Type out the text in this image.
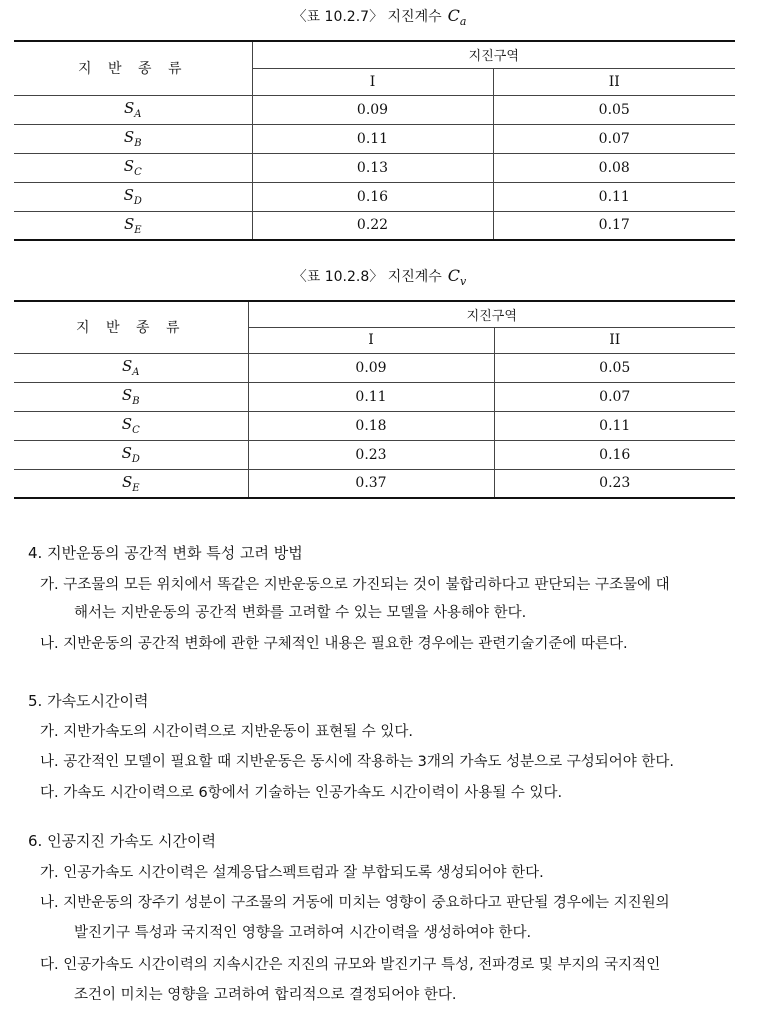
〈표 10.2.7〉 지진계수 $C_a$
지 반 종 류	지진구역	
	I	II
$S_A$	0.09	0.05
$S_B$	0.11	0.07
$S_C$	0.13	0.08
$S_D$	0.16	0.11
$S_E$	0.22	0.17
〈표 10.2.8〉 지진계수 $C_v$
지 반 종 류	지진구역	
	I	II
$S_A$	0.09	0.05
$S_B$	0.11	0.07
$S_C$	0.18	0.11
$S_D$	0.23	0.16
$S_E$	0.37	0.23
4. 지반운동의 공간적 변화 특성 고려 방법
가. 구조물의 모든 위치에서 똑같은 지반운동으로 가진되는 것이 불합리하다고 판단되는 구조물에 대
해서는 지반운동의 공간적 변화를 고려할 수 있는 모델을 사용해야 한다.
나. 지반운동의 공간적 변화에 관한 구체적인 내용은 필요한 경우에는 관련기술기준에 따른다.
5. 가속도시간이력
가. 지반가속도의 시간이력으로 지반운동이 표현될 수 있다.
나. 공간적인 모델이 필요할 때 지반운동은 동시에 작용하는 3개의 가속도 성분으로 구성되어야 한다.
다. 가속도 시간이력으로 6항에서 기술하는 인공가속도 시간이력이 사용될 수 있다.
6. 인공지진 가속도 시간이력
가. 인공가속도 시간이력은 설계응답스펙트럼과 잘 부합되도록 생성되어야 한다.
나. 지반운동의 장주기 성분이 구조물의 거동에 미치는 영향이 중요하다고 판단될 경우에는 지진원의
발진기구 특성과 국지적인 영향을 고려하여 시간이력을 생성하여야 한다.
다. 인공가속도 시간이력의 지속시간은 지진의 규모와 발진기구 특성, 전파경로 및 부지의 국지적인
조건이 미치는 영향을 고려하여 합리적으로 결정되어야 한다.
